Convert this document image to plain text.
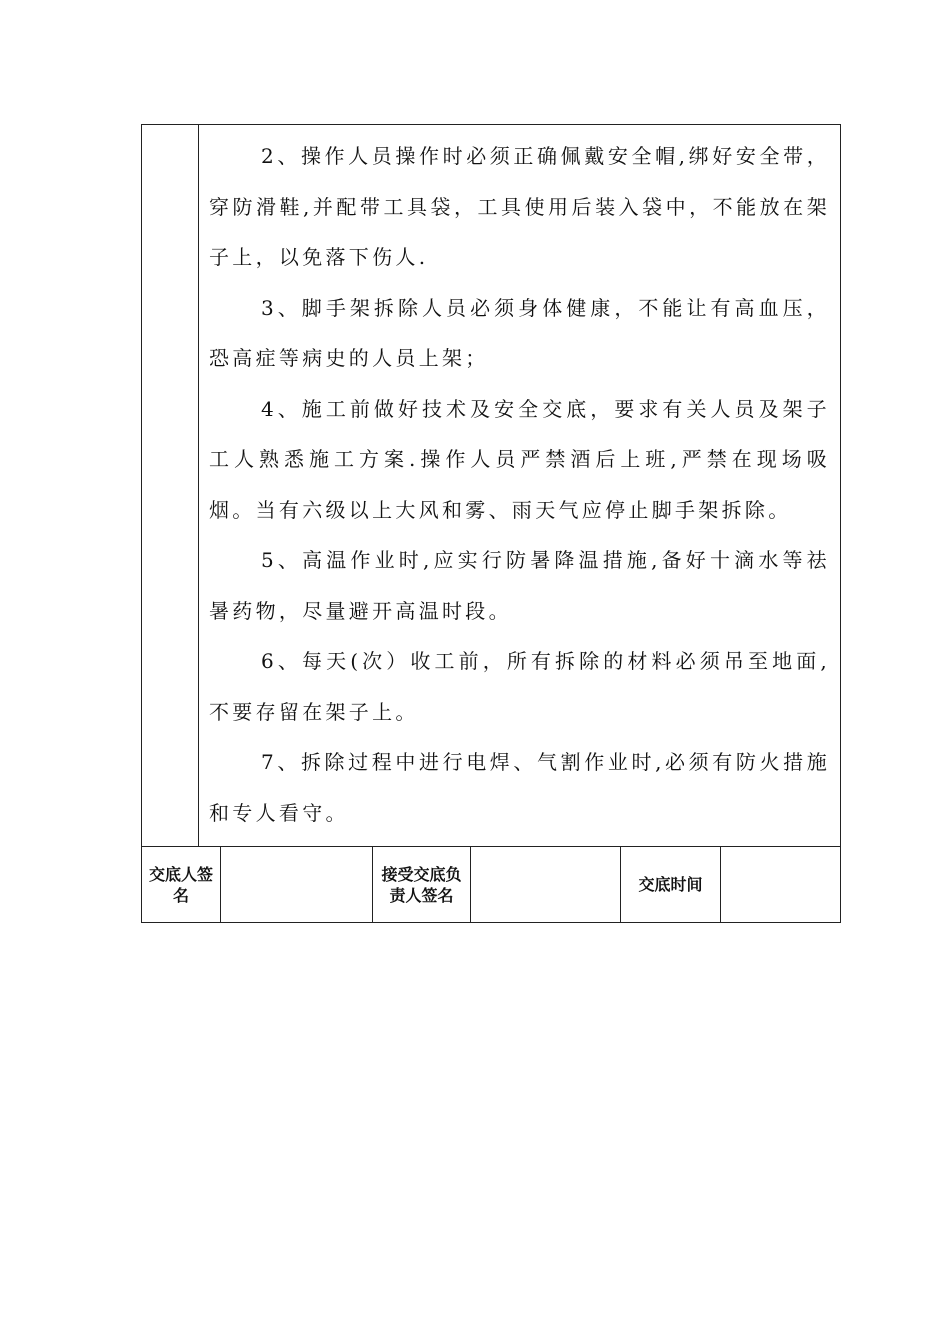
2、操作人员操作时必须正确佩戴安全帽,绑好安全带，穿防滑鞋,并配带工具袋，工具使用后装入袋中，不能放在架子上，以免落下伤人.

3、脚手架拆除人员必须身体健康，不能让有高血压，恐高症等病史的人员上架；

4、施工前做好技术及安全交底，要求有关人员及架子工人熟悉施工方案.操作人员严禁酒后上班,严禁在现场吸烟。当有六级以上大风和雾、雨天气应停止脚手架拆除。

5、高温作业时,应实行防暑降温措施,备好十滴水等祛暑药物，尽量避开高温时段。

6、每天(次）收工前，所有拆除的材料必须吊至地面,不要存留在架子上。

7、拆除过程中进行电焊、气割作业时,必须有防火措施和专人看守。

交底人签名
接受交底负责人签名
交底时间
